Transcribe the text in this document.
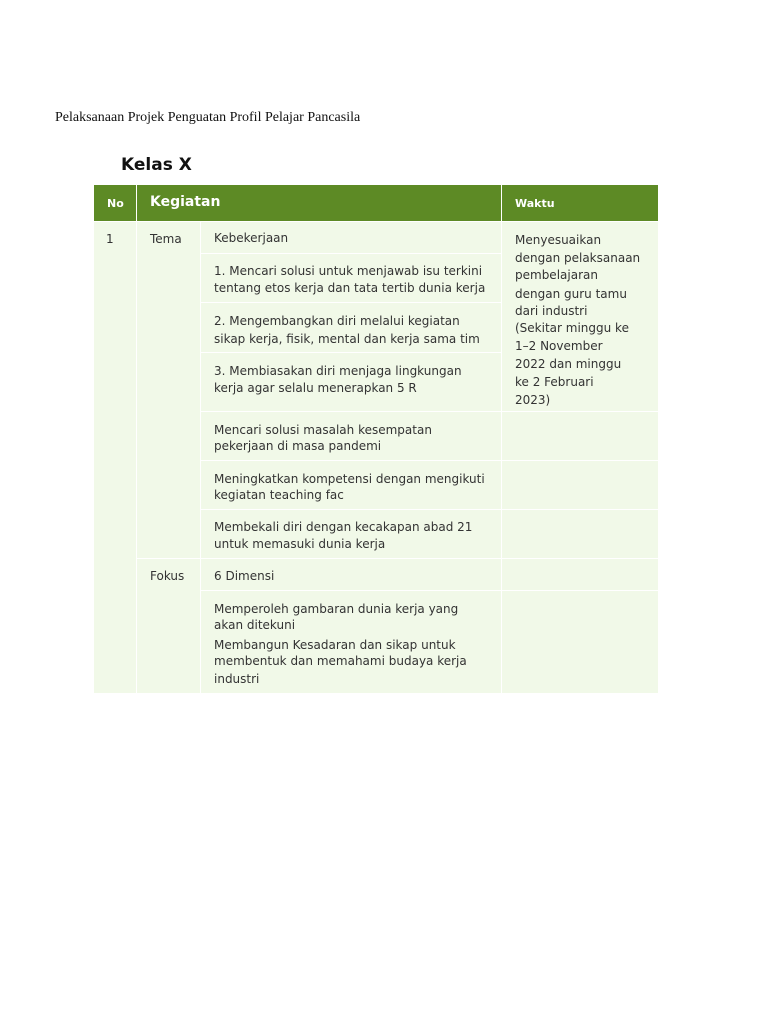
Pelaksanaan Projek Penguatan Profil Pelajar Pancasila
Kelas X
No Kegiatan	Waktu
1	Tema
Fokus
Kebekerjaan
1. Mencari solusi untuk menjawab isu terkini
tentang etos kerja dan tata tertib dunia kerja
2. Mengembangkan diri melalui kegiatan
sikap kerja, fisik, mental dan kerja sama tim
3. Membiasakan diri menjaga lingkungan
kerja agar selalu menerapkan 5 R
Mencari solusi masalah kesempatan
pekerjaan di masa pandemi
Meningkatkan kompetensi dengan mengikuti
kegiatan teaching fac
Membekali diri dengan kecakapan abad 21
untuk memasuki dunia kerja
6 Dimensi
Memperoleh gambaran dunia kerja yang
akan ditekuni
Membangun Kesadaran dan sikap untuk
membentuk dan memahami budaya kerja
industri
Menyesuaikan
dengan pelaksanaan
pembelajaran
dengan guru tamu
dari industri
(Sekitar minggu ke
1–2 November
2022 dan minggu
ke 2 Februari
2023)
